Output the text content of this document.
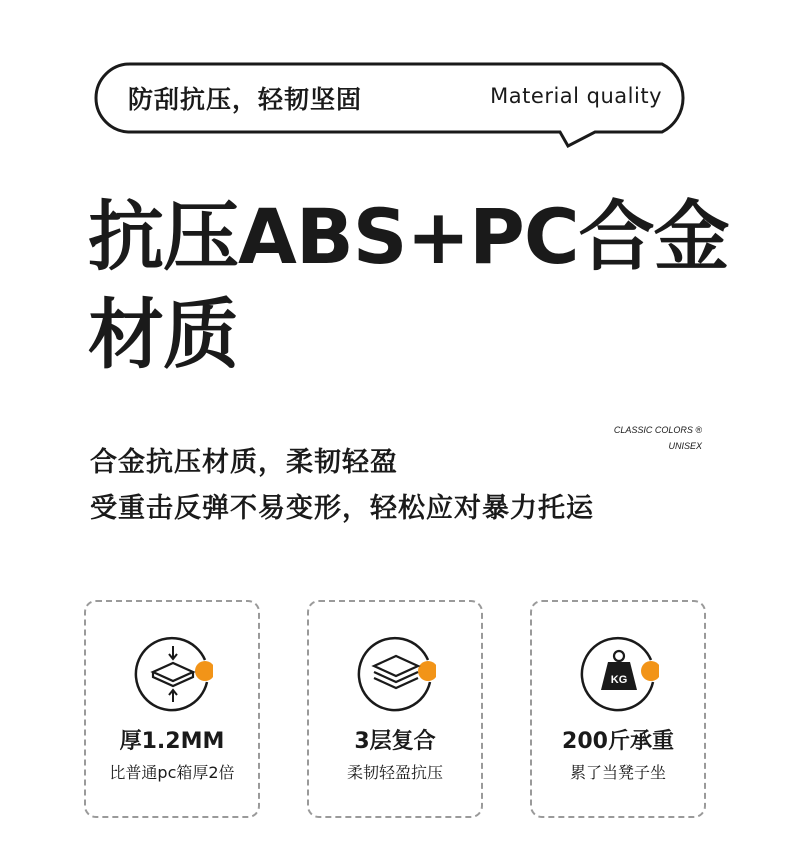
防刮抗压，轻韧坚固	Material quality
抗压ABS+PC合金
材质
CLASSIC COLORS ®
UNISEX
合金抗压材质，柔韧轻盈
受重击反弹不易变形，轻松应对暴力托运
厚1.2MM
比普通pc箱厚2倍
3层复合
柔韧轻盈抗压
KG
200斤承重
累了当凳子坐
